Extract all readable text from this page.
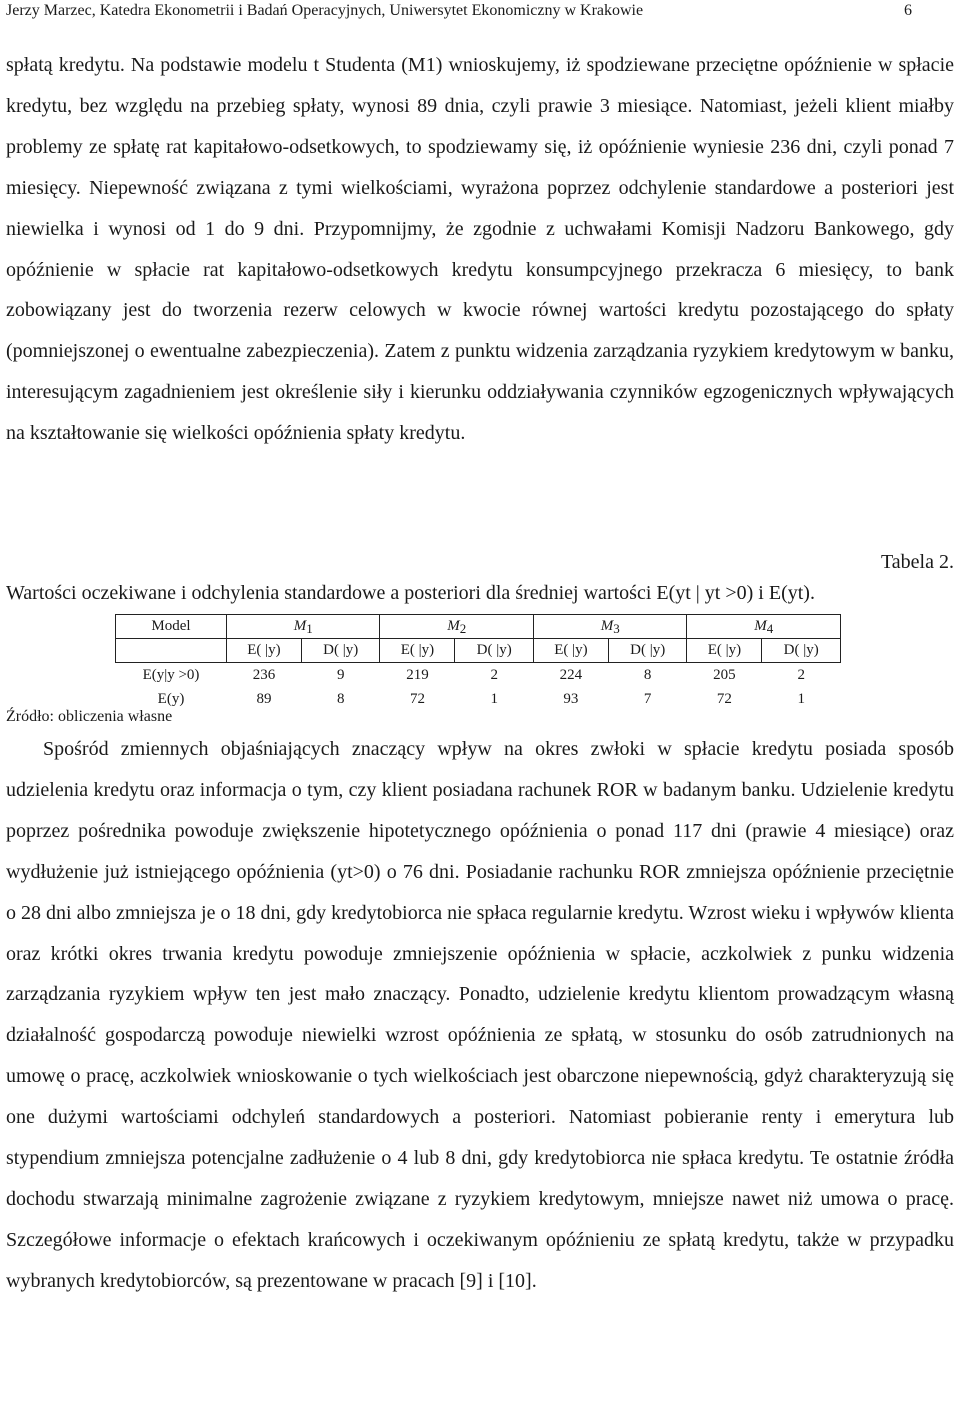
Jerzy Marzec, Katedra Ekonometrii i Badań Operacyjnych, Uniwersytet Ekonomiczny w Krakowie	6

spłatą kredytu. Na podstawie modelu t Studenta (M1) wnioskujemy, iż spodziewane przeciętne opóźnienie w spłacie kredytu, bez względu na przebieg spłaty, wynosi 89 dnia, czyli prawie 3 miesiące. Natomiast, jeżeli klient miałby problemy ze spłatę rat kapitałowo-odsetkowych, to spodziewamy się, iż opóźnienie wyniesie 236 dni, czyli ponad 7 miesięcy. Niepewność związana z tymi wielkościami, wyrażona poprzez odchylenie standardowe a posteriori jest niewielka i wynosi od 1 do 9 dni. Przypomnijmy, że zgodnie z uchwałami Komisji Nadzoru Bankowego, gdy opóźnienie w spłacie rat kapitałowo-odsetkowych kredytu konsumpcyjnego przekracza 6 miesięcy, to bank zobowiązany jest do tworzenia rezerw celowych w kwocie równej wartości kredytu pozostającego do spłaty (pomniejszonej o ewentualne zabezpieczenia). Zatem z punktu widzenia zarządzania ryzykiem kredytowym w banku, interesującym zagadnieniem jest określenie siły i kierunku oddziaływania czynników egzogenicznych wpływających na kształtowanie się wielkości opóźnienia spłaty kredytu.

Tabela 2.
Wartości oczekiwane i odchylenia standardowe a posteriori dla średniej wartości E(yt | yt >0) i E(yt).
Model	$M_1$		$M_2$		$M_3$		$M_4$
	E( |y)	D( |y)	E( |y)	D( |y)	E( |y)	D( |y)	E( |y)	D( |y)
E(y|y >0)	236	9	219	2	224	8	205	2
E(y)	89	8	72	1	93	7	72	1
Źródło: obliczenia własne

Spośród zmiennych objaśniających znaczący wpływ na okres zwłoki w spłacie kredytu posiada sposób udzielenia kredytu oraz informacja o tym, czy klient posiadana rachunek ROR w badanym banku. Udzielenie kredytu poprzez pośrednika powoduje zwiększenie hipotetycznego opóźnienia o ponad 117 dni (prawie 4 miesiące) oraz wydłużenie już istniejącego opóźnienia (yt>0) o 76 dni. Posiadanie rachunku ROR zmniejsza opóźnienie przeciętnie o 28 dni albo zmniejsza je o 18 dni, gdy kredytobiorca nie spłaca regularnie kredytu. Wzrost wieku i wpływów klienta oraz krótki okres trwania kredytu powoduje zmniejszenie opóźnienia w spłacie, aczkolwiek z punku widzenia zarządzania ryzykiem wpływ ten jest mało znaczący. Ponadto, udzielenie kredytu klientom prowadzącym własną działalność gospodarczą powoduje niewielki wzrost opóźnienia ze spłatą, w stosunku do osób zatrudnionych na umowę o pracę, aczkolwiek wnioskowanie o tych wielkościach jest obarczone niepewnością, gdyż charakteryzują się one dużymi wartościami odchyleń standardowych a posteriori. Natomiast pobieranie renty i emerytura lub stypendium zmniejsza potencjalne zadłużenie o 4 lub 8 dni, gdy kredytobiorca nie spłaca kredytu. Te ostatnie źródła dochodu stwarzają minimalne zagrożenie związane z ryzykiem kredytowym, mniejsze nawet niż umowa o pracę. Szczegółowe informacje o efektach krańcowych i oczekiwanym opóźnieniu ze spłatą kredytu, także w przypadku wybranych kredytobiorców, są prezentowane w pracach [9] i [10].
